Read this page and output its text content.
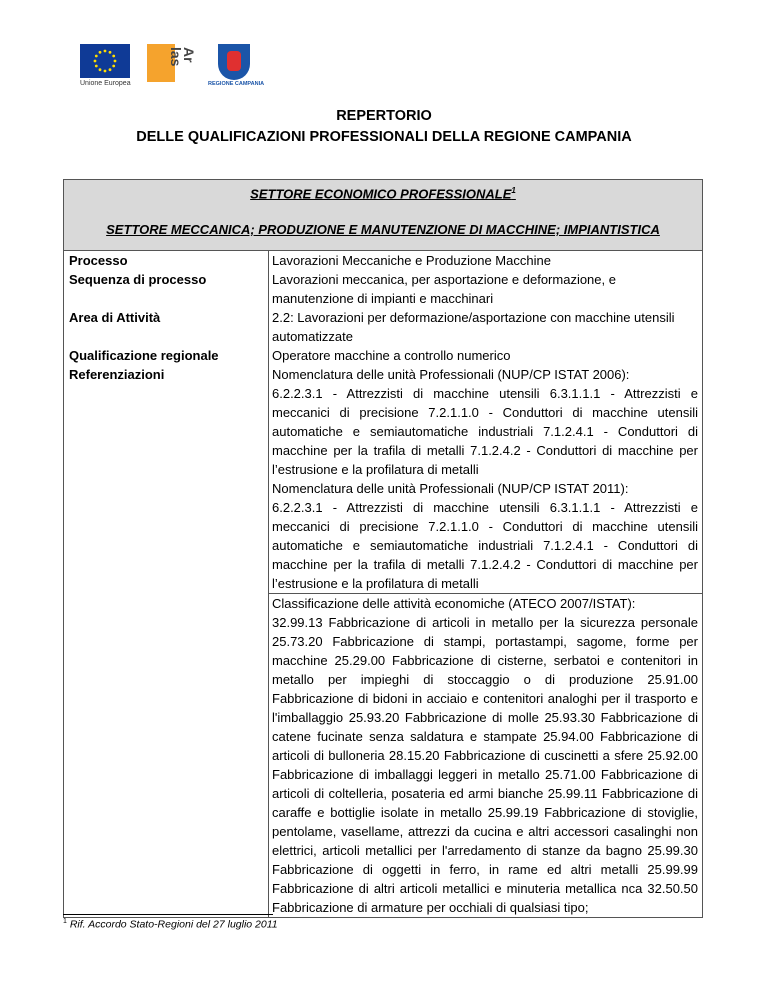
Unione Europea
Ar las
REGIONE CAMPANIA
REPERTORIO
DELLE QUALIFICAZIONI PROFESSIONALI DELLA REGIONE CAMPANIA
SETTORE ECONOMICO PROFESSIONALE$^1$
SETTORE MECCANICA; PRODUZIONE E MANUTENZIONE DI MACCHINE; IMPIANTISTICA
Processo
Sequenza di processo
Area di Attività
Qualificazione regionale
Referenziazioni
Lavorazioni Meccaniche e Produzione Macchine
Lavorazioni meccanica, per asportazione e deformazione, e manutenzione di impianti e macchinari
2.2: Lavorazioni per deformazione/asportazione con macchine utensili automatizzate
Operatore macchine a controllo numerico
Nomenclatura delle unità Professionali (NUP/CP ISTAT 2006):
6.2.2.3.1 - Attrezzisti di macchine utensili 6.3.1.1.1 - Attrezzisti e meccanici di precisione 7.2.1.1.0 - Conduttori di macchine utensili automatiche e semiautomatiche industriali 7.1.2.4.1 - Conduttori di macchine per la trafila di metalli 7.1.2.4.2 - Conduttori di macchine per l’estrusione e la profilatura di metalli
Nomenclatura delle unità Professionali (NUP/CP ISTAT 2011):
6.2.2.3.1 - Attrezzisti di macchine utensili 6.3.1.1.1 - Attrezzisti e meccanici di precisione 7.2.1.1.0 - Conduttori di macchine utensili automatiche e semiautomatiche industriali 7.1.2.4.1 - Conduttori di macchine per la trafila di metalli 7.1.2.4.2 - Conduttori di macchine per l’estrusione e la profilatura di metalli
Classificazione delle attività economiche (ATECO 2007/ISTAT):
32.99.13 Fabbricazione di articoli in metallo per la sicurezza personale 25.73.20 Fabbricazione di stampi, portastampi, sagome, forme per macchine 25.29.00 Fabbricazione di cisterne, serbatoi e contenitori in metallo per impieghi di stoccaggio o di produzione 25.91.00 Fabbricazione di bidoni in acciaio e contenitori analoghi per il trasporto e l'imballaggio 25.93.20 Fabbricazione di molle 25.93.30 Fabbricazione di catene fucinate senza saldatura e stampate 25.94.00 Fabbricazione di articoli di bulloneria 28.15.20 Fabbricazione di cuscinetti a sfere 25.92.00 Fabbricazione di imballaggi leggeri in metallo 25.71.00 Fabbricazione di articoli di coltelleria, posateria ed armi bianche 25.99.11 Fabbricazione di caraffe e bottiglie isolate in metallo 25.99.19 Fabbricazione di stoviglie, pentolame, vasellame, attrezzi da cucina e altri accessori casalinghi non elettrici, articoli metallici per l'arredamento di stanze da bagno 25.99.30 Fabbricazione di oggetti in ferro, in rame ed altri metalli 25.99.99 Fabbricazione di altri articoli metallici e minuteria metallica nca 32.50.50 Fabbricazione di armature per occhiali di qualsiasi tipo;
$^1$ Rif. Accordo Stato-Regioni del 27 luglio 2011
